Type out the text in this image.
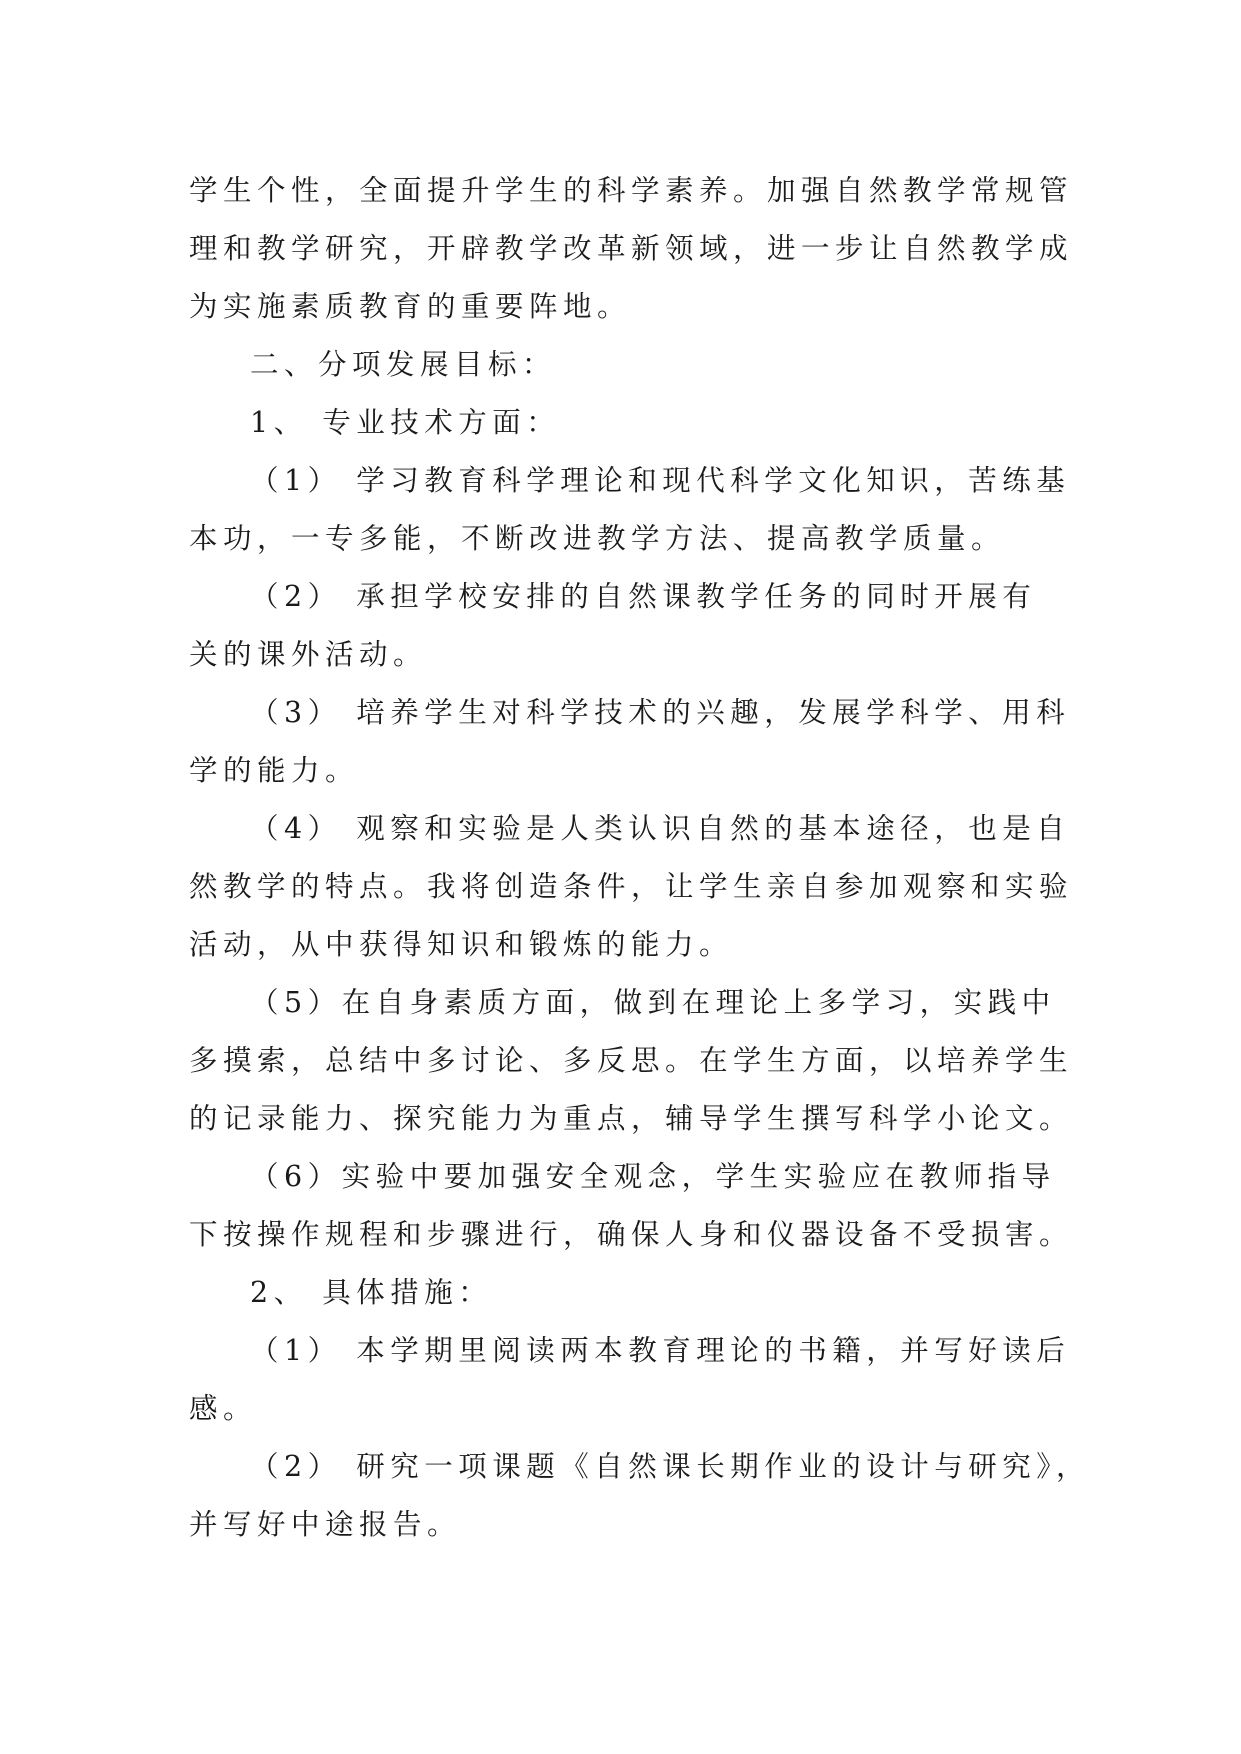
学生个性，全面提升学生的科学素养。加强自然教学常规管
理和教学研究，开辟教学改革新领域，进一步让自然教学成
为实施素质教育的重要阵地。
二、分项发展目标：
1、 专业技术方面：
（1） 学习教育科学理论和现代科学文化知识，苦练基
本功，一专多能，不断改进教学方法、提高教学质量。
（2） 承担学校安排的自然课教学任务的同时开展有
关的课外活动。
（3） 培养学生对科学技术的兴趣，发展学科学、用科
学的能力。
（4） 观察和实验是人类认识自然的基本途径，也是自
然教学的特点。我将创造条件，让学生亲自参加观察和实验
活动，从中获得知识和锻炼的能力。
（5）在自身素质方面，做到在理论上多学习，实践中
多摸索，总结中多讨论、多反思。在学生方面，以培养学生
的记录能力、探究能力为重点，辅导学生撰写科学小论文。
（6）实验中要加强安全观念，学生实验应在教师指导
下按操作规程和步骤进行，确保人身和仪器设备不受损害。
2、 具体措施：
（1） 本学期里阅读两本教育理论的书籍，并写好读后
感。
（2） 研究一项课题《自然课长期作业的设计与研究》，
并写好中途报告。
